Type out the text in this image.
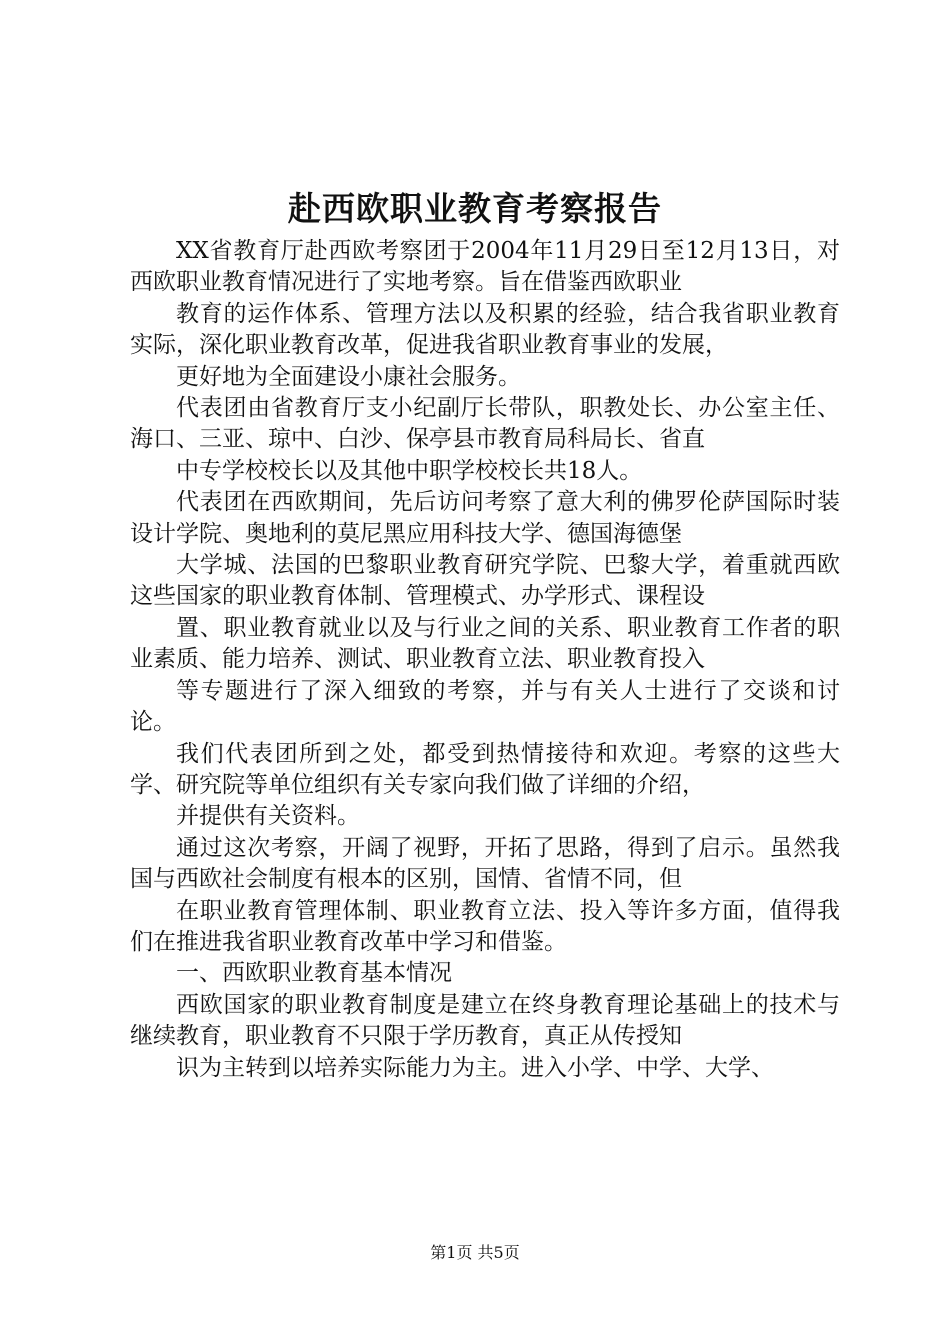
赴西欧职业教育考察报告

XX省教育厅赴西欧考察团于2004年11月29日至12月13日，对西欧职业教育情况进行了实地考察。旨在借鉴西欧职业

教育的运作体系、管理方法以及积累的经验，结合我省职业教育实际，深化职业教育改革，促进我省职业教育事业的发展，

更好地为全面建设小康社会服务。

代表团由省教育厅支小纪副厅长带队，职教处长、办公室主任、海口、三亚、琼中、白沙、保亭县市教育局科局长、省直

中专学校校长以及其他中职学校校长共18人。

代表团在西欧期间，先后访问考察了意大利的佛罗伦萨国际时装设计学院、奥地利的莫尼黑应用科技大学、德国海德堡

大学城、法国的巴黎职业教育研究学院、巴黎大学，着重就西欧这些国家的职业教育体制、管理模式、办学形式、课程设

置、职业教育就业以及与行业之间的关系、职业教育工作者的职业素质、能力培养、测试、职业教育立法、职业教育投入

等专题进行了深入细致的考察，并与有关人士进行了交谈和讨论。

我们代表团所到之处，都受到热情接待和欢迎。考察的这些大学、研究院等单位组织有关专家向我们做了详细的介绍，

并提供有关资料。

通过这次考察，开阔了视野，开拓了思路，得到了启示。虽然我国与西欧社会制度有根本的区别，国情、省情不同，但

在职业教育管理体制、职业教育立法、投入等许多方面，值得我们在推进我省职业教育改革中学习和借鉴。

一、西欧职业教育基本情况

西欧国家的职业教育制度是建立在终身教育理论基础上的技术与继续教育，职业教育不只限于学历教育，真正从传授知

识为主转到以培养实际能力为主。进入小学、中学、大学、

第1页 共5页
